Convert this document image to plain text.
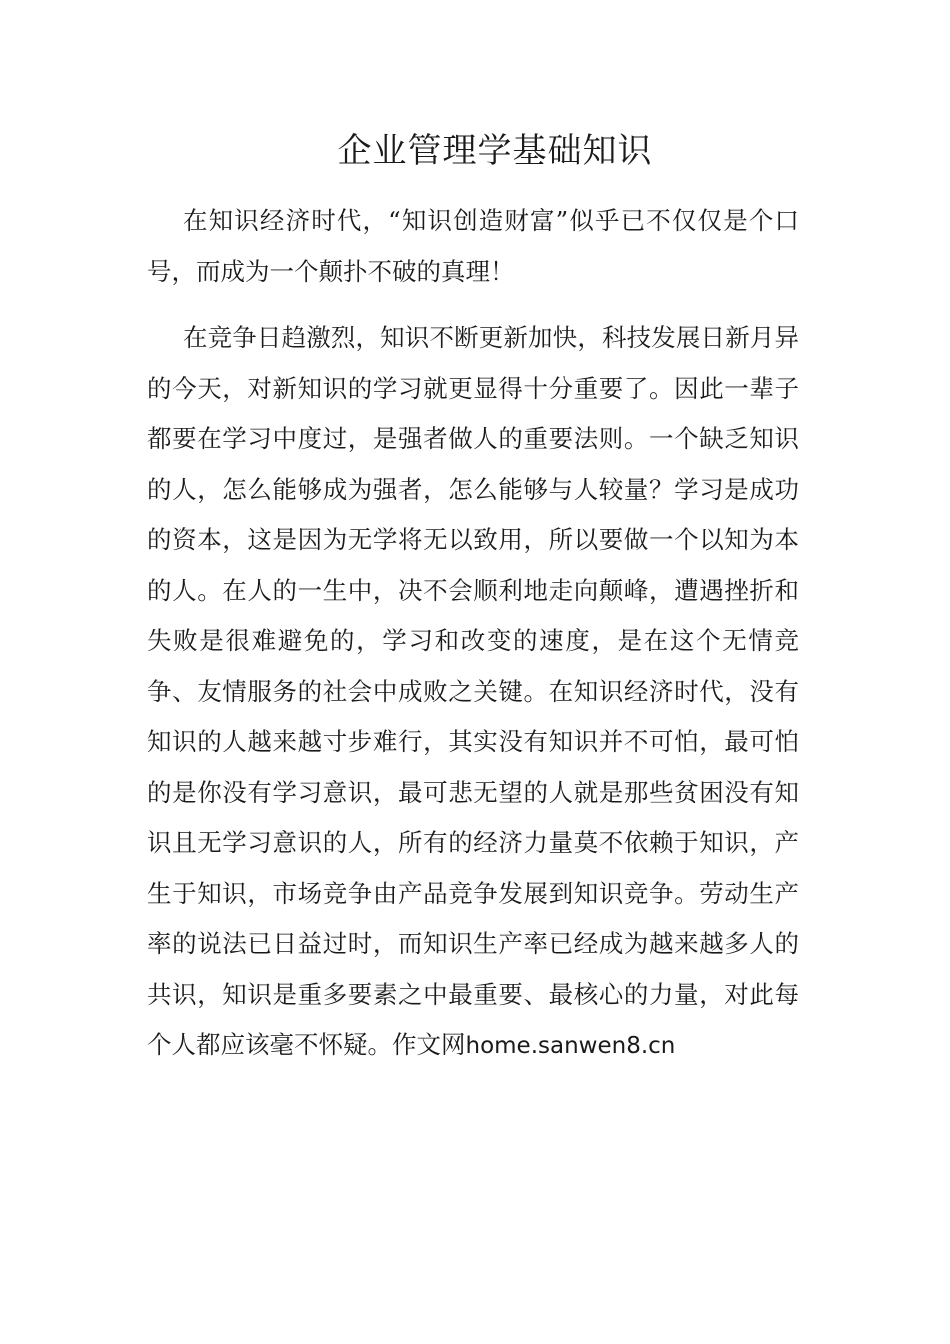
企业管理学基础知识

在知识经济时代，“知识创造财富”似乎已不仅仅是个口号，而成为一个颠扑不破的真理！

在竞争日趋激烈，知识不断更新加快，科技发展日新月异的今天，对新知识的学习就更显得十分重要了。因此一辈子都要在学习中度过，是强者做人的重要法则。一个缺乏知识的人，怎么能够成为强者，怎么能够与人较量？学习是成功的资本，这是因为无学将无以致用，所以要做一个以知为本的人。在人的一生中，决不会顺利地走向颠峰，遭遇挫折和失败是很难避免的，学习和改变的速度，是在这个无情竞争、友情服务的社会中成败之关键。在知识经济时代，没有知识的人越来越寸步难行，其实没有知识并不可怕，最可怕的是你没有学习意识，最可悲无望的人就是那些贫困没有知识且无学习意识的人，所有的经济力量莫不依赖于知识，产生于知识，市场竞争由产品竞争发展到知识竞争。劳动生产率的说法已日益过时，而知识生产率已经成为越来越多人的共识，知识是重多要素之中最重要、最核心的力量，对此每个人都应该毫不怀疑。作文网home.sanwen8.cn
